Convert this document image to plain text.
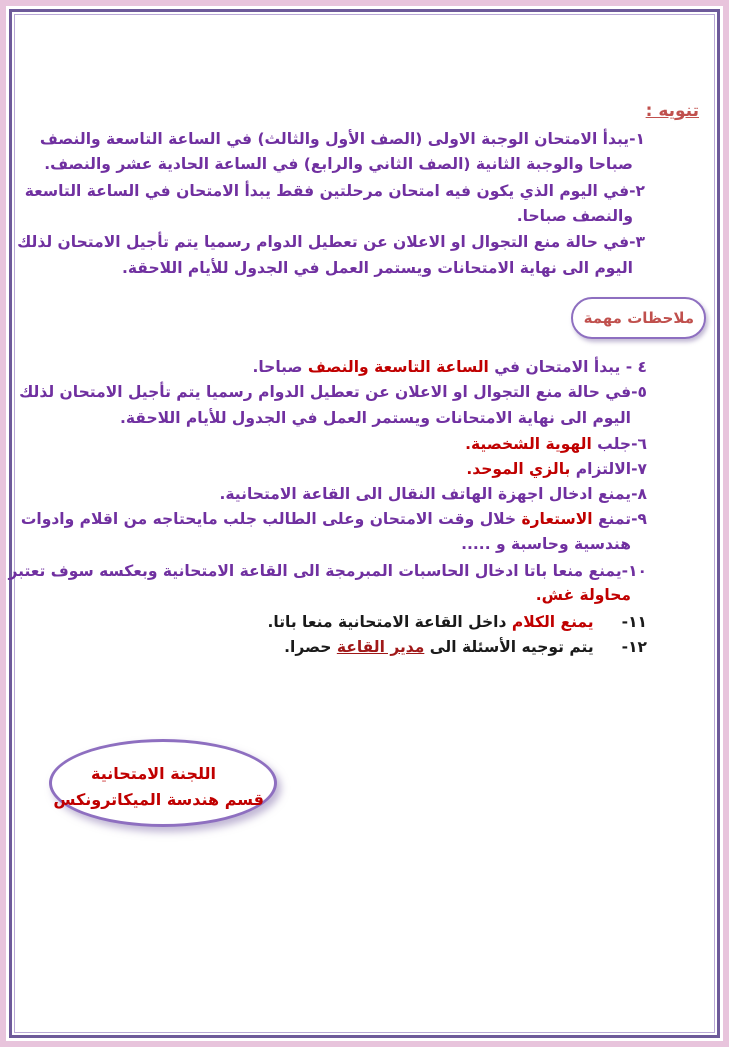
تنويه :
١-يبدأ الامتحان الوجبة الاولى (الصف الأول والثالث) في الساعة التاسعة والنصف
صباحا والوجبة الثانية (الصف الثاني والرابع) في الساعة الحادية عشر والنصف.
٢-في اليوم الذي يكون فيه امتحان مرحلتين فقط يبدأ الامتحان في الساعة التاسعة
والنصف صباحا.
٣-في حالة منع التجوال او الاعلان عن تعطيل الدوام رسميا يتم تأجيل الامتحان لذلك
اليوم الى نهاية الامتحانات ويستمر العمل في الجدول للأيام اللاحقة.
ملاحظات مهمة
٤ - يبدأ الامتحان في الساعة التاسعة والنصف صباحا.
٥-في حالة منع التجوال او الاعلان عن تعطيل الدوام رسميا يتم تأجيل الامتحان لذلك
اليوم الى نهاية الامتحانات ويستمر العمل في الجدول للأيام اللاحقة.
٦-جلب الهوية الشخصية.
٧-الالتزام بالزي الموحد.
٨-يمنع ادخال اجهزة الهاتف النقال الى القاعة الامتحانية.
٩-تمنع الاستعارة خلال وقت الامتحان وعلى الطالب جلب مايحتاجه من اقلام وادوات
هندسية وحاسبة و .....
١٠-يمنع منعا باتا ادخال الحاسبات المبرمجة الى القاعة الامتحانية وبعكسه سوف تعتبر
محاولة غش.
١١-يمنع الكلام داخل القاعة الامتحانية منعا باتا.
١٢-يتم توجيه الأسئلة الى مدير القاعة حصرا.
اللجنة الامتحانية
قسم هندسة الميكاترونكس
